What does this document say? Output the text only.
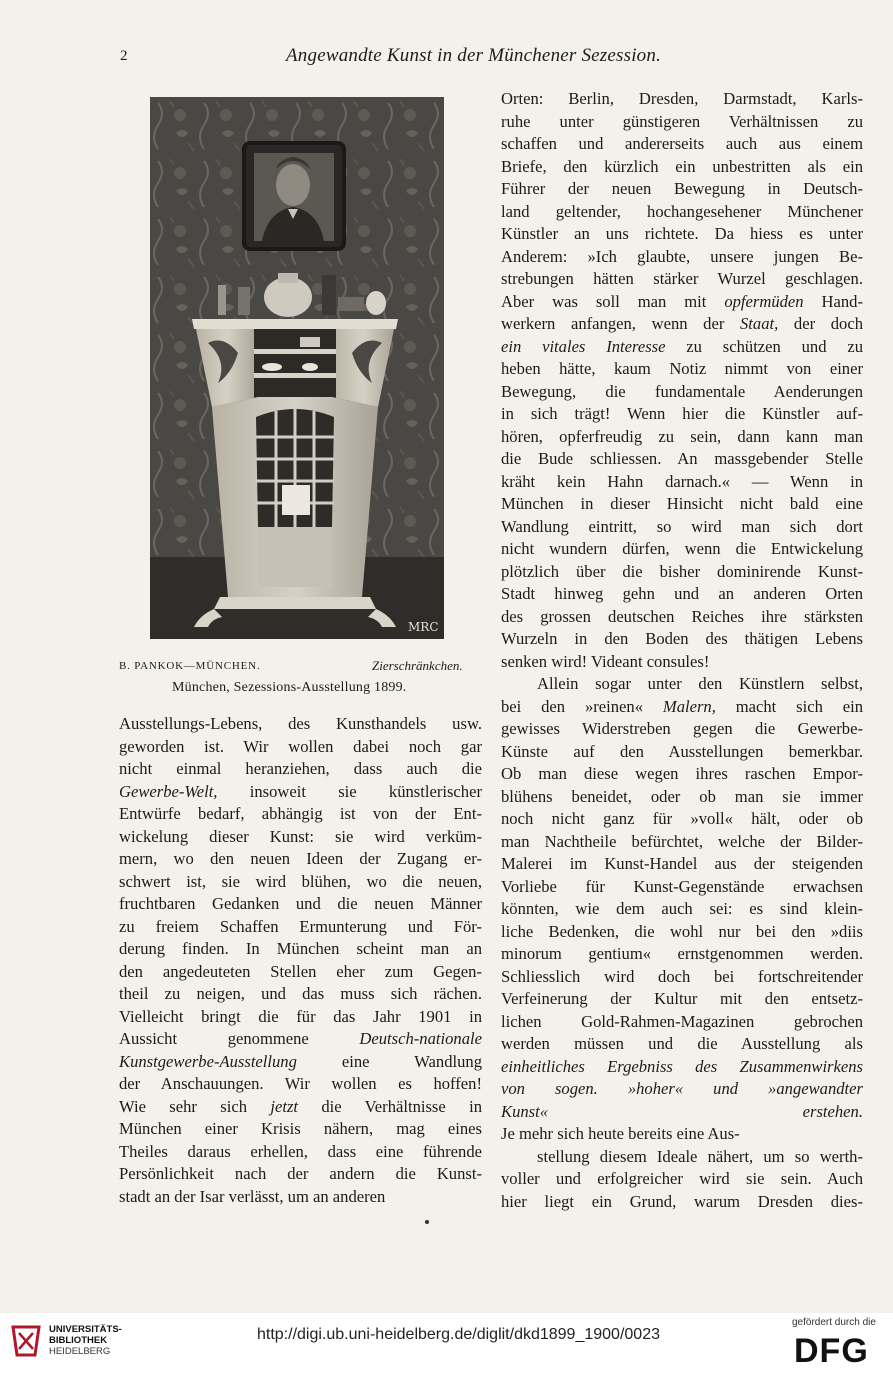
2	Angewandte Kunst in der Münchener Sezession.
MRC
B. PANKOK—MÜNCHEN.	Zierschränkchen.
München, Sezessions-Ausstellung 1899.
Ausstellungs-Lebens, des Kunsthandels usw.
geworden ist. Wir wollen dabei noch gar
nicht einmal heranziehen, dass auch die
Gewerbe-Welt, insoweit sie künstlerischer
Entwürfe bedarf, abhängig ist von der Ent-
wickelung dieser Kunst: sie wird verküm-
mern, wo den neuen Ideen der Zugang er-
schwert ist, sie wird blühen, wo die neuen,
fruchtbaren Gedanken und die neuen Männer
zu freiem Schaffen Ermunterung und För-
derung finden. In München scheint man an
den angedeuteten Stellen eher zum Gegen-
theil zu neigen, und das muss sich rächen.
Vielleicht bringt die für das Jahr 1901 in
Aussicht genommene Deutsch-nationale
Kunstgewerbe-Ausstellung eine Wandlung
der Anschauungen. Wir wollen es hoffen!
Wie sehr sich jetzt die Verhältnisse in
München einer Krisis nähern, mag eines
Theiles daraus erhellen, dass eine führende
Persönlichkeit nach der andern die Kunst-
stadt an der Isar verlässt, um an anderen
Orten: Berlin, Dresden, Darmstadt, Karls-
ruhe unter günstigeren Verhältnissen zu
schaffen und andererseits auch aus einem
Briefe, den kürzlich ein unbestritten als ein
Führer der neuen Bewegung in Deutsch-
land geltender, hochangesehener Münchener
Künstler an uns richtete. Da hiess es unter
Anderem: »Ich glaubte, unsere jungen Be-
strebungen hätten stärker Wurzel geschlagen.
Aber was soll man mit opfermüden Hand-
werkern anfangen, wenn der Staat, der doch
ein vitales Interesse zu schützen und zu
heben hätte, kaum Notiz nimmt von einer
Bewegung, die fundamentale Aenderungen
in sich trägt! Wenn hier die Künstler auf-
hören, opferfreudig zu sein, dann kann man
die Bude schliessen. An massgebender Stelle
kräht kein Hahn darnach.« — Wenn in
München in dieser Hinsicht nicht bald eine
Wandlung eintritt, so wird man sich dort
nicht wundern dürfen, wenn die Entwickelung
plötzlich über die bisher dominirende Kunst-
Stadt hinweg gehn und an anderen Orten
des grossen deutschen Reiches ihre stärksten
Wurzeln in den Boden des thätigen Lebens
senken wird! Videant consules!
Allein sogar unter den Künstlern selbst,
bei den »reinen« Malern, macht sich ein
gewisses Widerstreben gegen die Gewerbe-
Künste auf den Ausstellungen bemerkbar.
Ob man diese wegen ihres raschen Empor-
blühens beneidet, oder ob man sie immer
noch nicht ganz für »voll« hält, oder ob
man Nachtheile befürchtet, welche der Bilder-
Malerei im Kunst-Handel aus der steigenden
Vorliebe für Kunst-Gegenstände erwachsen
könnten, wie dem auch sei: es sind klein-
liche Bedenken, die wohl nur bei den »diis
minorum gentium« ernstgenommen werden.
Schliesslich wird doch bei fortschreitender
Verfeinerung der Kultur mit den entsetz-
lichen Gold-Rahmen-Magazinen gebrochen
werden müssen und die Ausstellung als
einheitliches Ergebniss des Zusammenwirkens
von sogen. »hoher« und »angewandter
Kunst« erstehen.
Je mehr sich heute bereits eine Aus-
stellung diesem Ideale nähert, um so werth-
voller und erfolgreicher wird sie sein. Auch
hier liegt ein Grund, warum Dresden dies-
UNIVERSITÄTS-
BIBLIOTHEK
HEIDELBERG
http://digi.ub.uni-heidelberg.de/diglit/dkd1899_1900/0023
gefördert durch die
DFG
